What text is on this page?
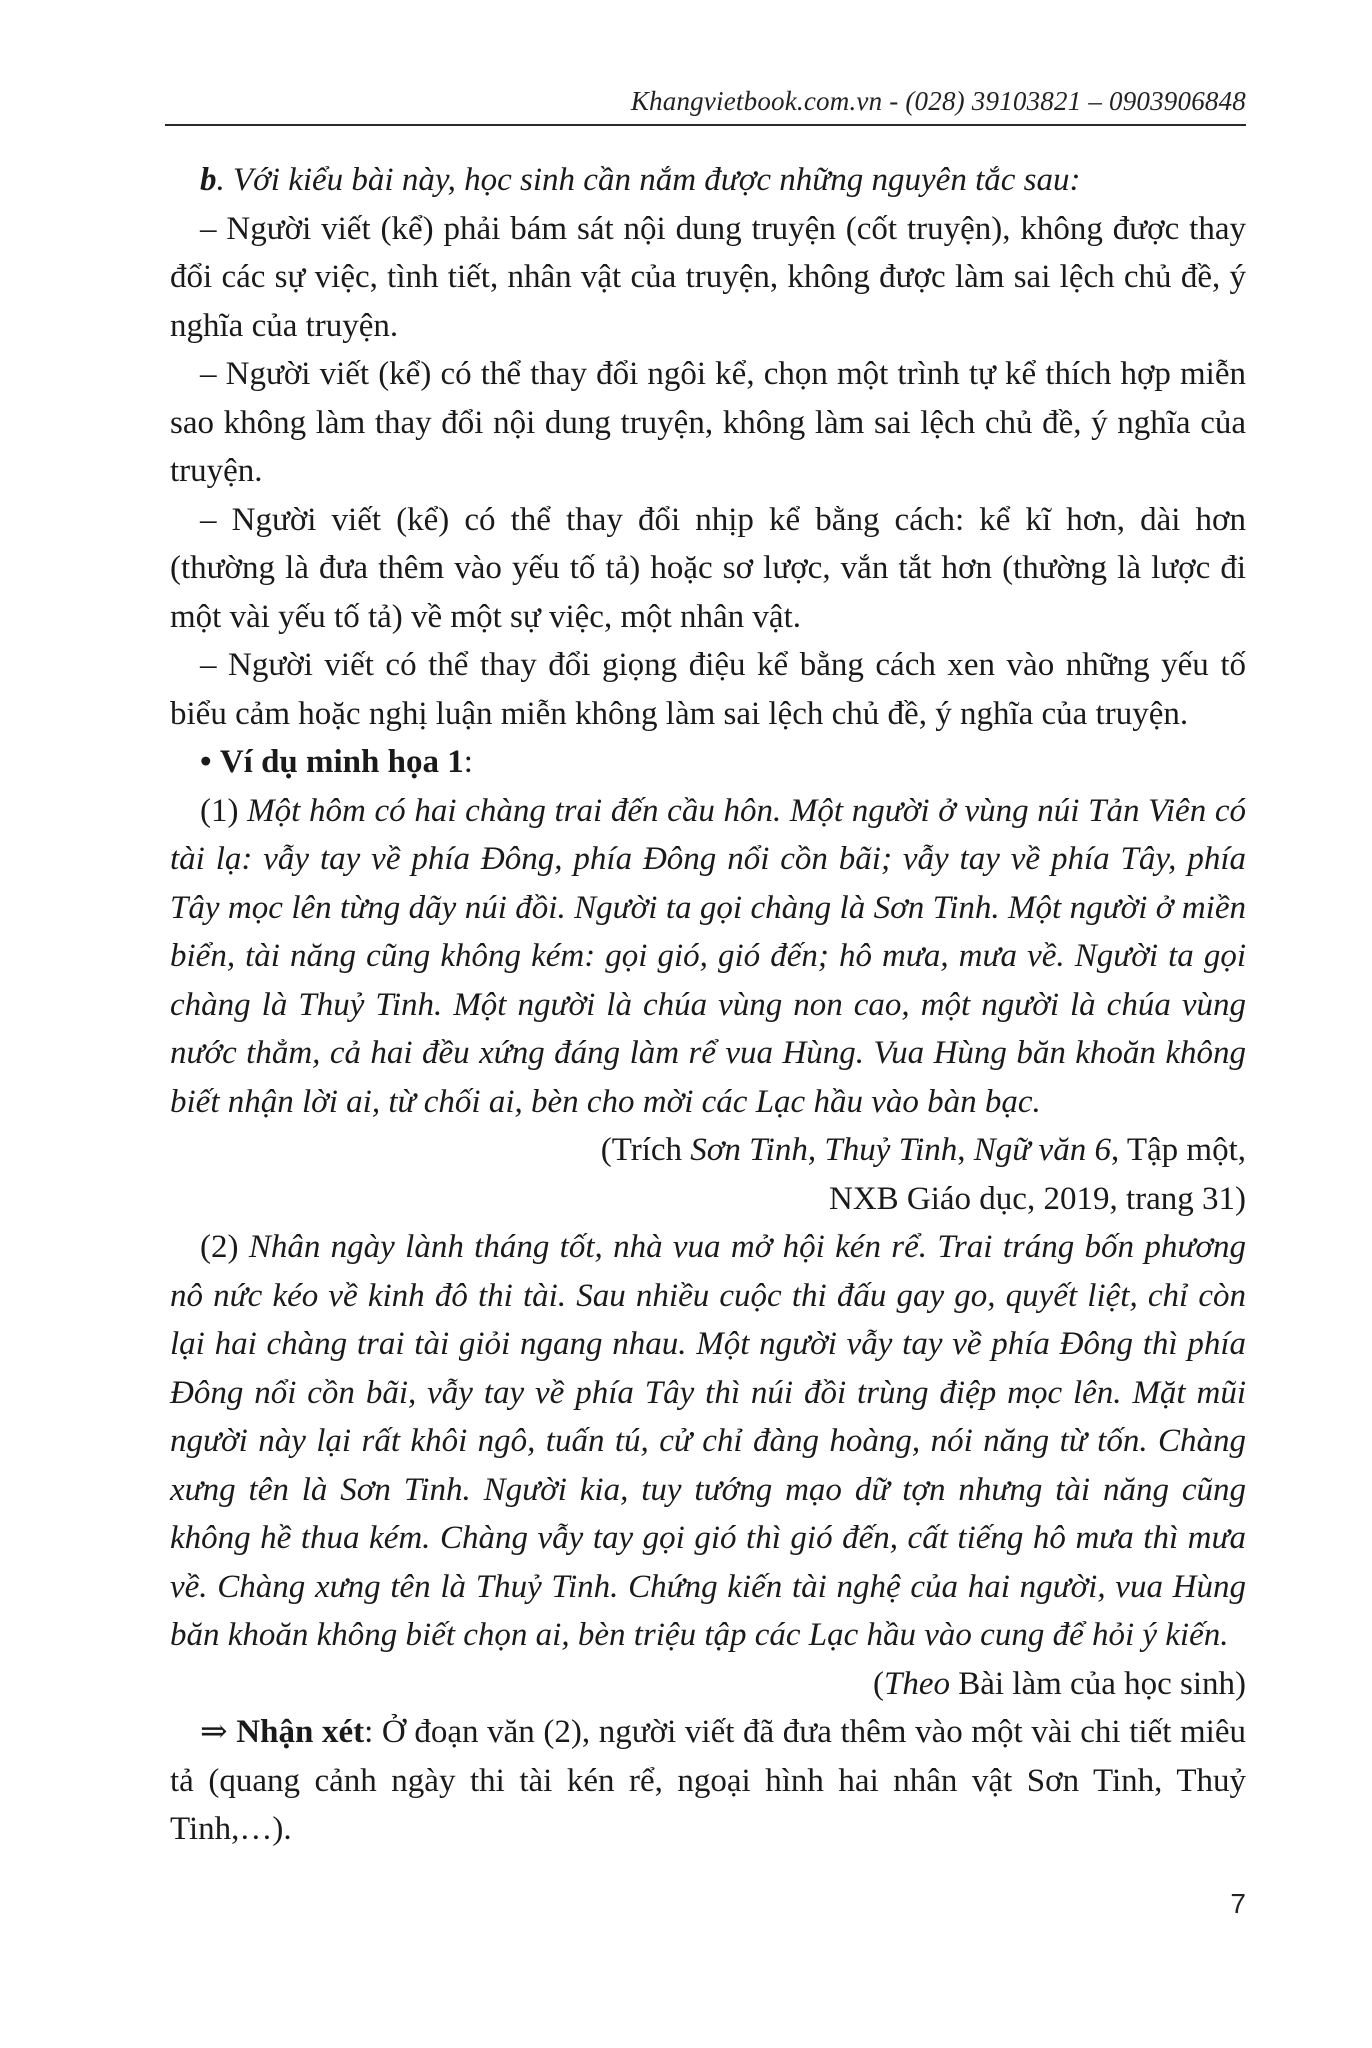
Khangvietbook.com.vn - (028) 39103821 – 0903906848

b. Với kiểu bài này, học sinh cần nắm được những nguyên tắc sau:

– Người viết (kể) phải bám sát nội dung truyện (cốt truyện), không được thay đổi các sự việc, tình tiết, nhân vật của truyện, không được làm sai lệch chủ đề, ý nghĩa của truyện.

– Người viết (kể) có thể thay đổi ngôi kể, chọn một trình tự kể thích hợp miễn sao không làm thay đổi nội dung truyện, không làm sai lệch chủ đề, ý nghĩa của truyện.

– Người viết (kể) có thể thay đổi nhịp kể bằng cách: kể kĩ hơn, dài hơn (thường là đưa thêm vào yếu tố tả) hoặc sơ lược, vắn tắt hơn (thường là lược đi một vài yếu tố tả) về một sự việc, một nhân vật.

– Người viết có thể thay đổi giọng điệu kể bằng cách xen vào những yếu tố biểu cảm hoặc nghị luận miễn không làm sai lệch chủ đề, ý nghĩa của truyện.

• Ví dụ minh họa 1:

(1) Một hôm có hai chàng trai đến cầu hôn. Một người ở vùng núi Tản Viên có tài lạ: vẫy tay về phía Đông, phía Đông nổi cồn bãi; vẫy tay về phía Tây, phía Tây mọc lên từng dãy núi đồi. Người ta gọi chàng là Sơn Tinh. Một người ở miền biển, tài năng cũng không kém: gọi gió, gió đến; hô mưa, mưa về. Người ta gọi chàng là Thuỷ Tinh. Một người là chúa vùng non cao, một người là chúa vùng nước thẳm, cả hai đều xứng đáng làm rể vua Hùng. Vua Hùng băn khoăn không biết nhận lời ai, từ chối ai, bèn cho mời các Lạc hầu vào bàn bạc.

(Trích Sơn Tinh, Thuỷ Tinh, Ngữ văn 6, Tập một,

NXB Giáo dục, 2019, trang 31)

(2) Nhân ngày lành tháng tốt, nhà vua mở hội kén rể. Trai tráng bốn phương nô nức kéo về kinh đô thi tài. Sau nhiều cuộc thi đấu gay go, quyết liệt, chỉ còn lại hai chàng trai tài giỏi ngang nhau. Một người vẫy tay về phía Đông thì phía Đông nổi cồn bãi, vẫy tay về phía Tây thì núi đồi trùng điệp mọc lên. Mặt mũi người này lại rất khôi ngô, tuấn tú, cử chỉ đàng hoàng, nói năng từ tốn. Chàng xưng tên là Sơn Tinh. Người kia, tuy tướng mạo dữ tợn nhưng tài năng cũng không hề thua kém. Chàng vẫy tay gọi gió thì gió đến, cất tiếng hô mưa thì mưa về. Chàng xưng tên là Thuỷ Tinh. Chứng kiến tài nghệ của hai người, vua Hùng băn khoăn không biết chọn ai, bèn triệu tập các Lạc hầu vào cung để hỏi ý kiến.

(Theo Bài làm của học sinh)

⇒ Nhận xét: Ở đoạn văn (2), người viết đã đưa thêm vào một vài chi tiết miêu tả (quang cảnh ngày thi tài kén rể, ngoại hình hai nhân vật Sơn Tinh, Thuỷ Tinh,…).

7
